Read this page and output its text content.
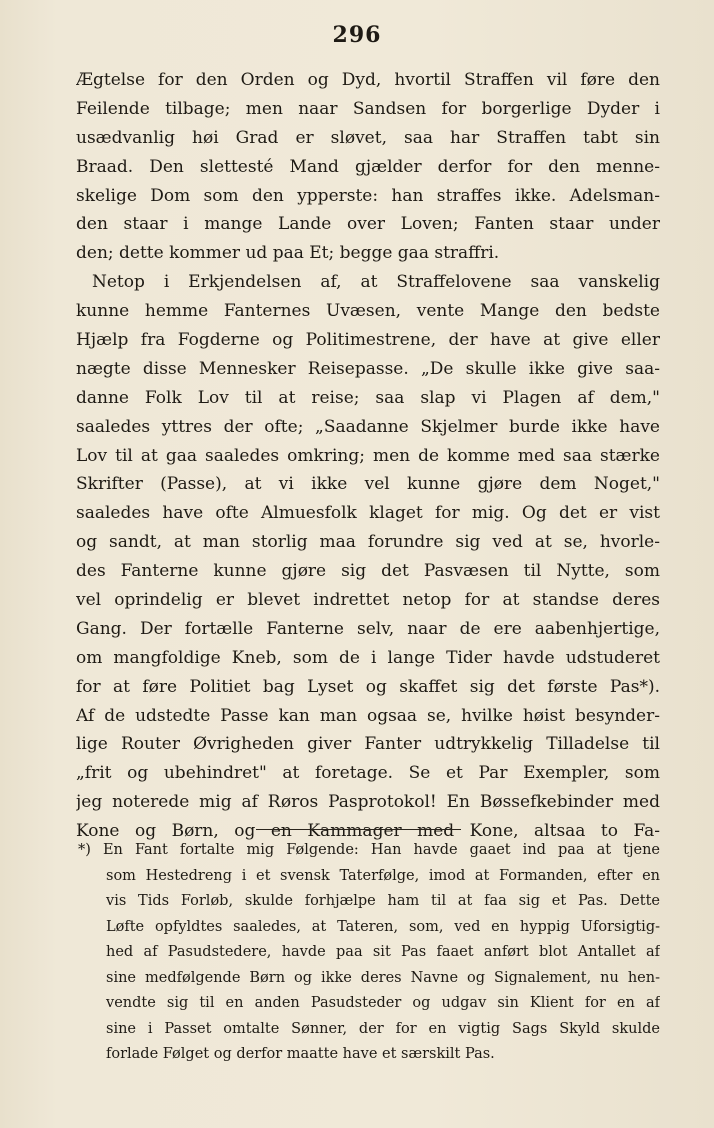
296
Ægtelse for den Orden og Dyd, hvortil Straffen vil føre den
Feilende tilbage; men naar Sandsen for borgerlige Dyder i
usædvanlig høi Grad er sløvet, saa har Straffen tabt sin
Braad. Den slettesté Mand gjælder derfor for den menne-
skelige Dom som den ypperste: han straffes ikke. Adelsman-
den staar i mange Lande over Loven; Fanten staar under
den; dette kommer ud paa Et; begge gaa straffri.
Netop i Erkjendelsen af, at Straffelovene saa vanskelig
kunne hemme Fanternes Uvæsen, vente Mange den bedste
Hjælp fra Fogderne og Politimestrene, der have at give eller
nægte disse Mennesker Reisepasse. „De skulle ikke give saa-
danne Folk Lov til at reise; saa slap vi Plagen af dem,"
saaledes yttres der ofte; „Saadanne Skjelmer burde ikke have
Lov til at gaa saaledes omkring; men de komme med saa stærke
Skrifter (Passe), at vi ikke vel kunne gjøre dem Noget,"
saaledes have ofte Almuesfolk klaget for mig. Og det er vist
og sandt, at man storlig maa forundre sig ved at se, hvorle-
des Fanterne kunne gjøre sig det Pasvæsen til Nytte, som
vel oprindelig er blevet indrettet netop for at standse deres
Gang. Der fortælle Fanterne selv, naar de ere aabenhjertige,
om mangfoldige Kneb, som de i lange Tider havde udstuderet
for at føre Politiet bag Lyset og skaffet sig det første Pas*).
Af de udstedte Passe kan man ogsaa se, hvilke høist besynder-
lige Router Øvrigheden giver Fanter udtrykkelig Tilladelse til
„frit og ubehindret" at foretage. Se et Par Exempler, som
jeg noterede mig af Røros Pasprotokol! En Bøssefkebinder med
Kone og Børn, og en Kammager med Kone, altsaa to Fa-
*) En Fant fortalte mig Følgende: Han havde gaaet ind paa at tjene
som Hestedreng i et svensk Taterfølge, imod at Formanden, efter en
vis Tids Forløb, skulde forhjælpe ham til at faa sig et Pas. Dette
Løfte opfyldtes saaledes, at Tateren, som, ved en hyppig Uforsigtig-
hed af Pasudstedere, havde paa sit Pas faaet anført blot Antallet af
sine medfølgende Børn og ikke deres Navne og Signalement, nu hen-
vendte sig til en anden Pasudsteder og udgav sin Klient for en af
sine i Passet omtalte Sønner, der for en vigtig Sags Skyld skulde
forlade Følget og derfor maatte have et særskilt Pas.
